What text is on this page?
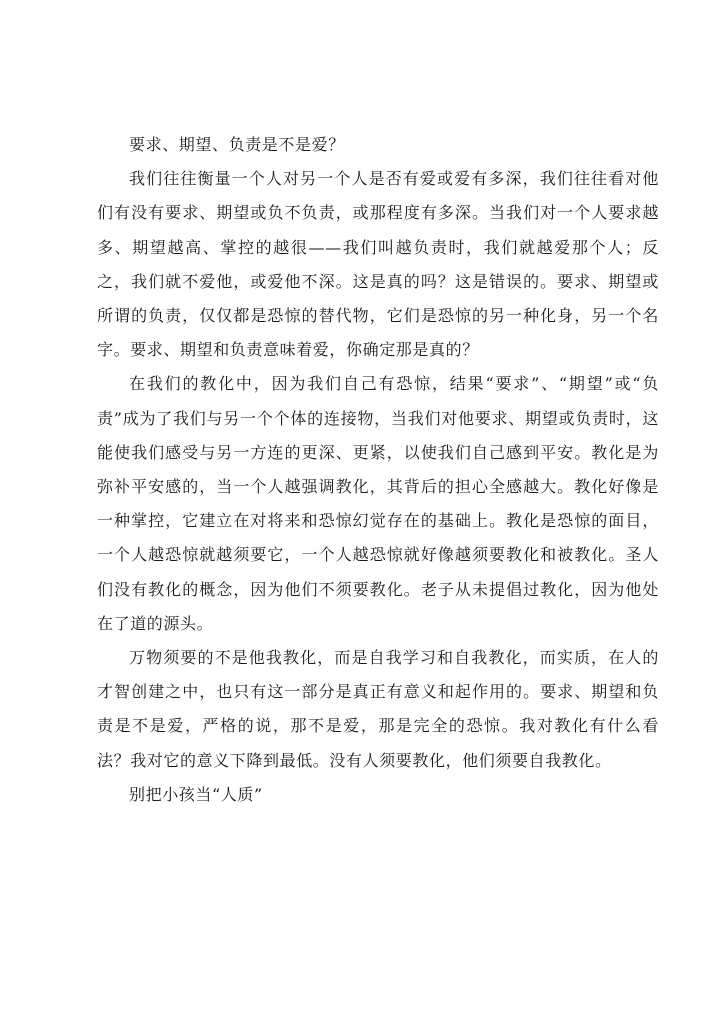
要求、期望、负责是不是爱？

我们往往衡量一个人对另一个人是否有爱或爱有多深，我们往往看对他们有没有要求、期望或负不负责，或那程度有多深。当我们对一个人要求越多、期望越高、掌控的越很——我们叫越负责时，我们就越爱那个人；反之，我们就不爱他，或爱他不深。这是真的吗？这是错误的。要求、期望或所谓的负责，仅仅都是恐惊的替代物，它们是恐惊的另一种化身，另一个名字。要求、期望和负责意味着爱，你确定那是真的？

在我们的教化中，因为我们自己有恐惊，结果“要求”、“期望”或“负责”成为了我们与另一个个体的连接物，当我们对他要求、期望或负责时，这能使我们感受与另一方连的更深、更紧，以使我们自己感到平安。教化是为弥补平安感的，当一个人越强调教化，其背后的担心全感越大。教化好像是一种掌控，它建立在对将来和恐惊幻觉存在的基础上。教化是恐惊的面目，一个人越恐惊就越须要它，一个人越恐惊就好像越须要教化和被教化。圣人们没有教化的概念，因为他们不须要教化。老子从未提倡过教化，因为他处在了道的源头。

万物须要的不是他我教化，而是自我学习和自我教化，而实质，在人的才智创建之中，也只有这一部分是真正有意义和起作用的。要求、期望和负责是不是爱，严格的说，那不是爱，那是完全的恐惊。我对教化有什么看法？我对它的意义下降到最低。没有人须要教化，他们须要自我教化。

别把小孩当“人质”
